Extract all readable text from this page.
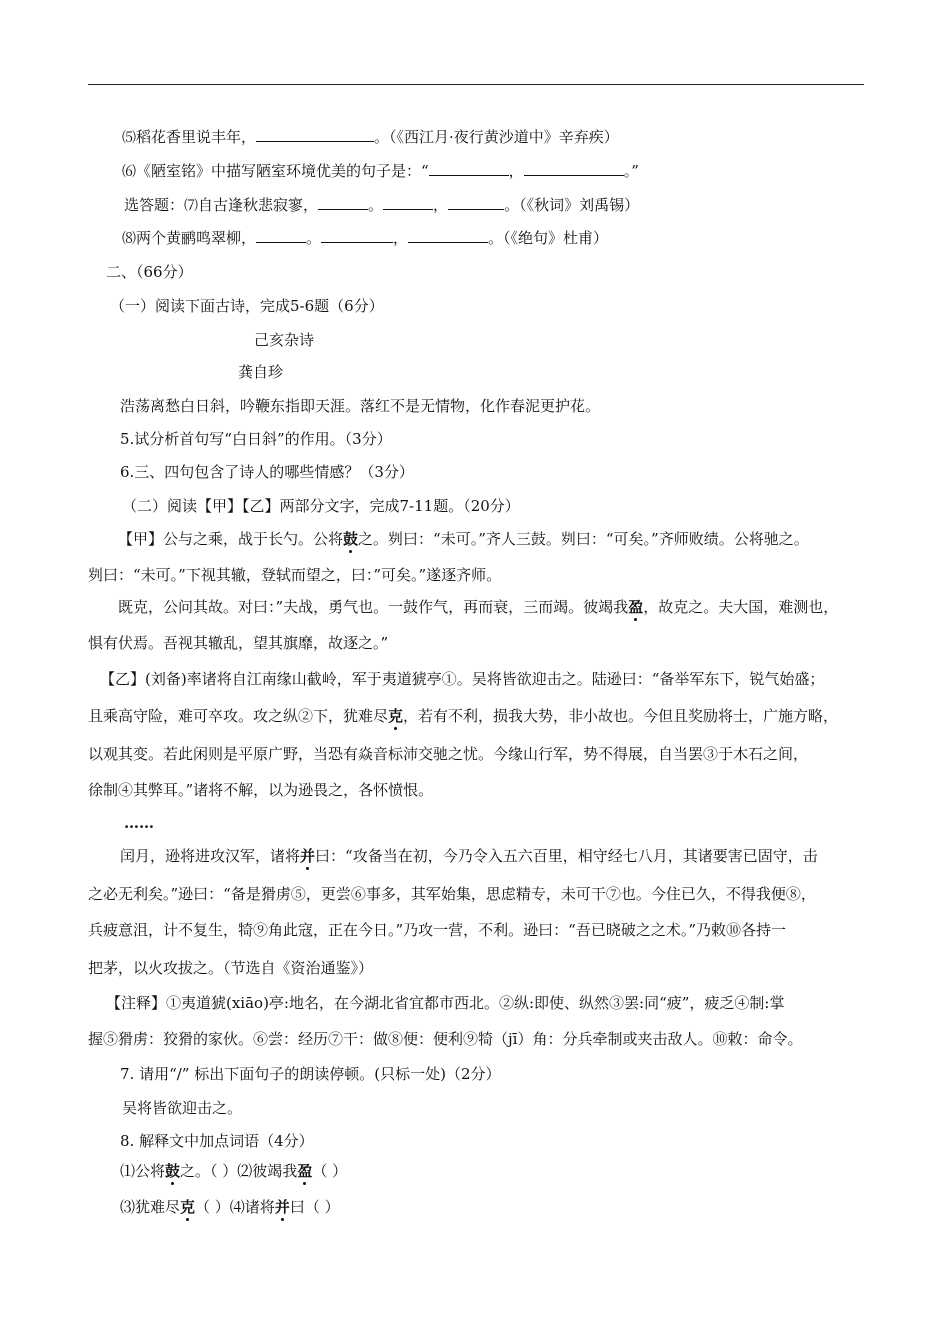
⑸稻花香里说丰年，	。（《西江月·夜行黄沙道中》辛弃疾）
⑹《陋室铭》中描写陋室环境优美的句子是：“	，	。”
选答题：⑺自古逢秋悲寂寥，	。	，	。（《秋词》刘禹锡）
⑻两个黄鹂鸣翠柳，	。	，	。（《绝句》杜甫）
二、（66分）
（一）阅读下面古诗，完成5-6题（6分）
己亥杂诗
龚自珍
浩荡离愁白日斜，吟鞭东指即天涯。落红不是无情物，化作春泥更护花。
5.试分析首句写“白日斜”的作用。（3分）
6.三、四句包含了诗人的哪些情感？（3分）
（二）阅读【甲】【乙】两部分文字，完成7-11题。（20分）
【甲】公与之乘，战于长勺。公将鼓之。刿曰：“未可。”齐人三鼓。刿曰：“可矣。”齐师败绩。公将驰之。
刿曰：“未可。”下视其辙，登轼而望之，曰：”可矣。”遂逐齐师。
既克，公问其故。对曰：”夫战，勇气也。一鼓作气，再而衰，三而竭。彼竭我盈，故克之。夫大国，难测也，
惧有伏焉。吾视其辙乱，望其旗靡，故逐之。”
【乙】(刘备)率诸将自江南缘山截岭，军于夷道猇亭①。吴将皆欲迎击之。陆逊曰：“备举军东下，锐气始盛；
且乘高守险，难可卒攻。攻之纵②下，犹难尽克，若有不利，损我大势，非小故也。今但且奖励将士，广施方略，
以观其变。若此闲则是平原广野，当恐有焱音标沛交驰之忧。今缘山行军，势不得展，自当罢③于木石之间，
徐制④其弊耳。”诸将不解，以为逊畏之，各怀愤恨。
……
闰月，逊将进攻汉军，诸将并曰：“攻备当在初，今乃令入五六百里，相守经七八月，其诸要害已固守，击
之必无利矣。”逊曰：“备是猾虏⑤，更尝⑥事多，其军始集，思虑精专，未可干⑦也。今住已久，不得我便⑧，
兵疲意沮，计不复生，犄⑨角此寇，正在今日。”乃攻一营，不利。逊曰：“吾已晓破之之术。”乃敕⑩各持一
把茅，以火攻拔之。（节选自《资治通鉴》）
【注释】①夷道猇(xiāo)亭:地名，在今湖北省宜都市西北。②纵:即使、纵然③罢:同“疲”，疲乏④制:掌
握⑤猾虏：狡猾的家伙。⑥尝：经历⑦干：做⑧便：便利⑨犄（jī）角：分兵牵制或夹击敌人。⑩敕：命令。
7. 请用“/” 标出下面句子的朗读停顿。(只标一处)（2分）
吴将皆欲迎击之。
8. 解释文中加点词语（4分）
⑴公将鼓之。（ ）⑵彼竭我盈（ ）
⑶犹难尽克（ ）⑷诸将并曰（ ）
